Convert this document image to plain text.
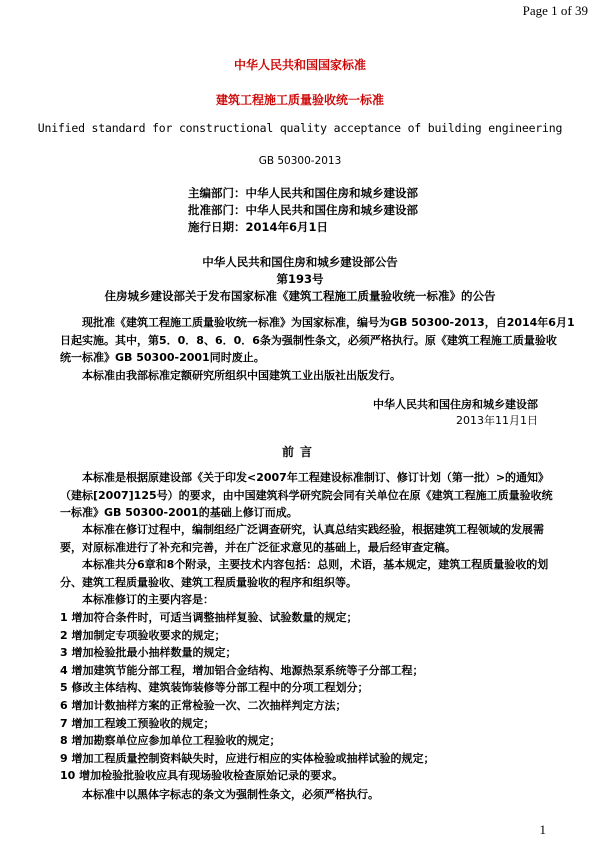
Page 1 of 39
中华人民共和国国家标准
建筑工程施工质量验收统一标准
Unified standard for constructional quality acceptance of building engineering
GB 50300-2013
主编部门：中华人民共和国住房和城乡建设部
批准部门：中华人民共和国住房和城乡建设部
施行日期：2014年6月1日
中华人民共和国住房和城乡建设部公告
第193号
住房城乡建设部关于发布国家标准《建筑工程施工质量验收统一标准》的公告
现批准《建筑工程施工质量验收统一标准》为国家标准，编号为GB 50300-2013，自2014年6月1
日起实施。其中，第5．0．8、6．0．6条为强制性条文，必须严格执行。原《建筑工程施工质量验收
统一标准》GB 50300-2001同时废止。
本标准由我部标准定额研究所组织中国建筑工业出版社出版发行。
中华人民共和国住房和城乡建设部
2013年11月1日
前言
本标准是根据原建设部《关于印发<2007年工程建设标准制订、修订计划（第一批）>的通知》
（建标[2007]125号）的要求，由中国建筑科学研究院会同有关单位在原《建筑工程施工质量验收统
一标准》GB 50300-2001的基础上修订而成。
本标准在修订过程中，编制组经广泛调查研究，认真总结实践经验，根据建筑工程领域的发展需
要，对原标准进行了补充和完善，并在广泛征求意见的基础上，最后经审查定稿。
本标准共分6章和8个附录，主要技术内容包括：总则，术语，基本规定，建筑工程质量验收的划
分、建筑工程质量验收、建筑工程质量验收的程序和组织等。
本标准修订的主要内容是：
1 增加符合条件时，可适当调整抽样复验、试验数量的规定；
2 增加制定专项验收要求的规定；
3 增加检验批最小抽样数量的规定；
4 增加建筑节能分部工程，增加铝合金结构、地源热泵系统等子分部工程；
5 修改主体结构、建筑装饰装修等分部工程中的分项工程划分；
6 增加计数抽样方案的正常检验一次、二次抽样判定方法；
7 增加工程竣工预验收的规定；
8 增加勘察单位应参加单位工程验收的规定；
9 增加工程质量控制资料缺失时，应进行相应的实体检验或抽样试验的规定；
10 增加检验批验收应具有现场验收检查原始记录的要求。
本标准中以黑体字标志的条文为强制性条文，必须严格执行。
1
